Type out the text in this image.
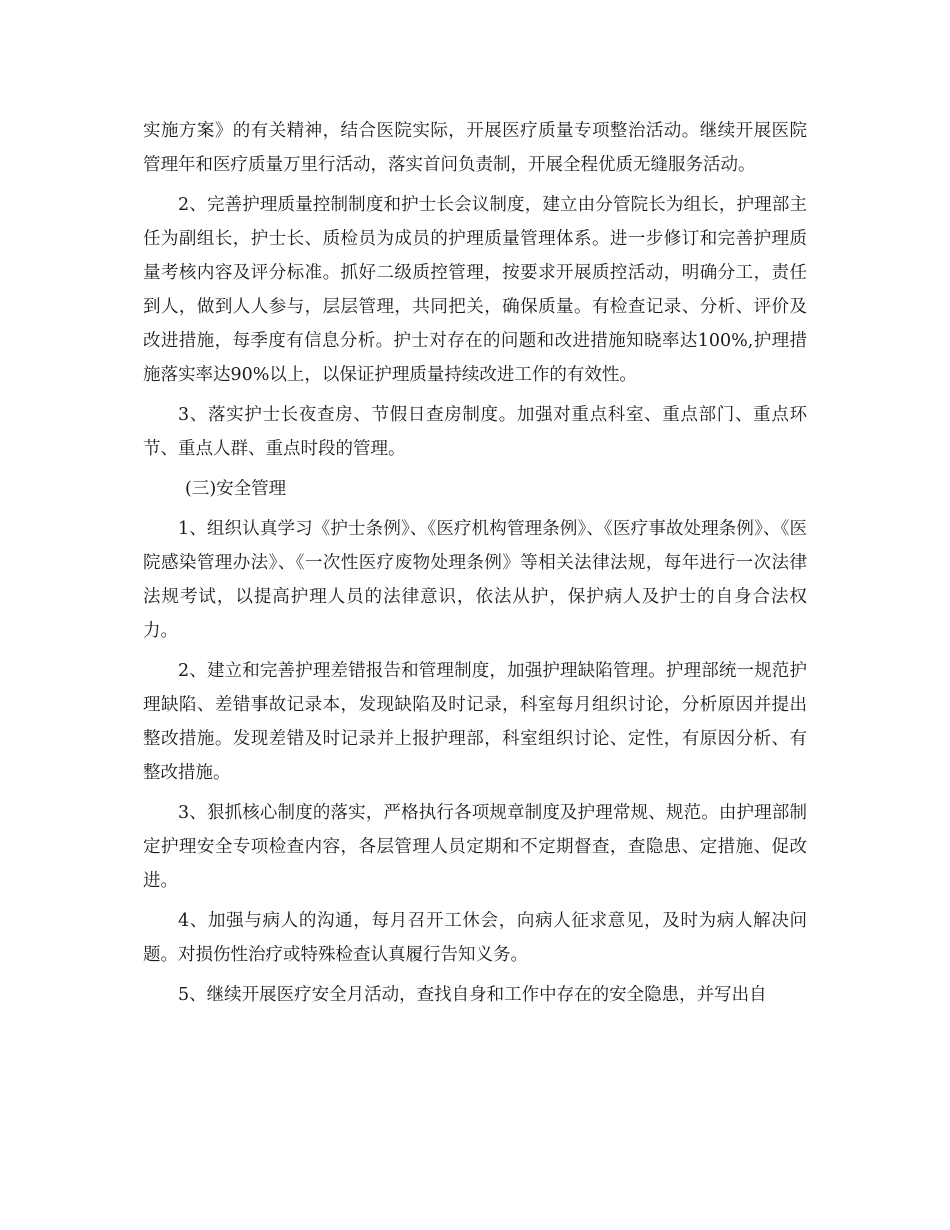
实施方案》的有关精神，结合医院实际，开展医疗质量专项整治活动。继续开展医院管理年和医疗质量万里行活动，落实首问负责制，开展全程优质无缝服务活动。

2、完善护理质量控制制度和护士长会议制度，建立由分管院长为组长，护理部主任为副组长，护士长、质检员为成员的护理质量管理体系。进一步修订和完善护理质量考核内容及评分标准。抓好二级质控管理，按要求开展质控活动，明确分工，责任到人，做到人人参与，层层管理，共同把关，确保质量。有检查记录、分析、评价及改进措施，每季度有信息分析。护士对存在的问题和改进措施知晓率达100%,护理措施落实率达90%以上，以保证护理质量持续改进工作的有效性。

3、落实护士长夜查房、节假日查房制度。加强对重点科室、重点部门、重点环节、重点人群、重点时段的管理。

(三)安全管理

1、组织认真学习《护士条例》、《医疗机构管理条例》、《医疗事故处理条例》、《医院感染管理办法》、《一次性医疗废物处理条例》等相关法律法规，每年进行一次法律法规考试，以提高护理人员的法律意识，依法从护，保护病人及护士的自身合法权力。

2、建立和完善护理差错报告和管理制度，加强护理缺陷管理。护理部统一规范护理缺陷、差错事故记录本，发现缺陷及时记录，科室每月组织讨论，分析原因并提出整改措施。发现差错及时记录并上报护理部，科室组织讨论、定性，有原因分析、有整改措施。

3、狠抓核心制度的落实，严格执行各项规章制度及护理常规、规范。由护理部制定护理安全专项检查内容，各层管理人员定期和不定期督查，查隐患、定措施、促改进。

4、加强与病人的沟通，每月召开工休会，向病人征求意见，及时为病人解决问题。对损伤性治疗或特殊检查认真履行告知义务。

5、继续开展医疗安全月活动，查找自身和工作中存在的安全隐患，并写出自
